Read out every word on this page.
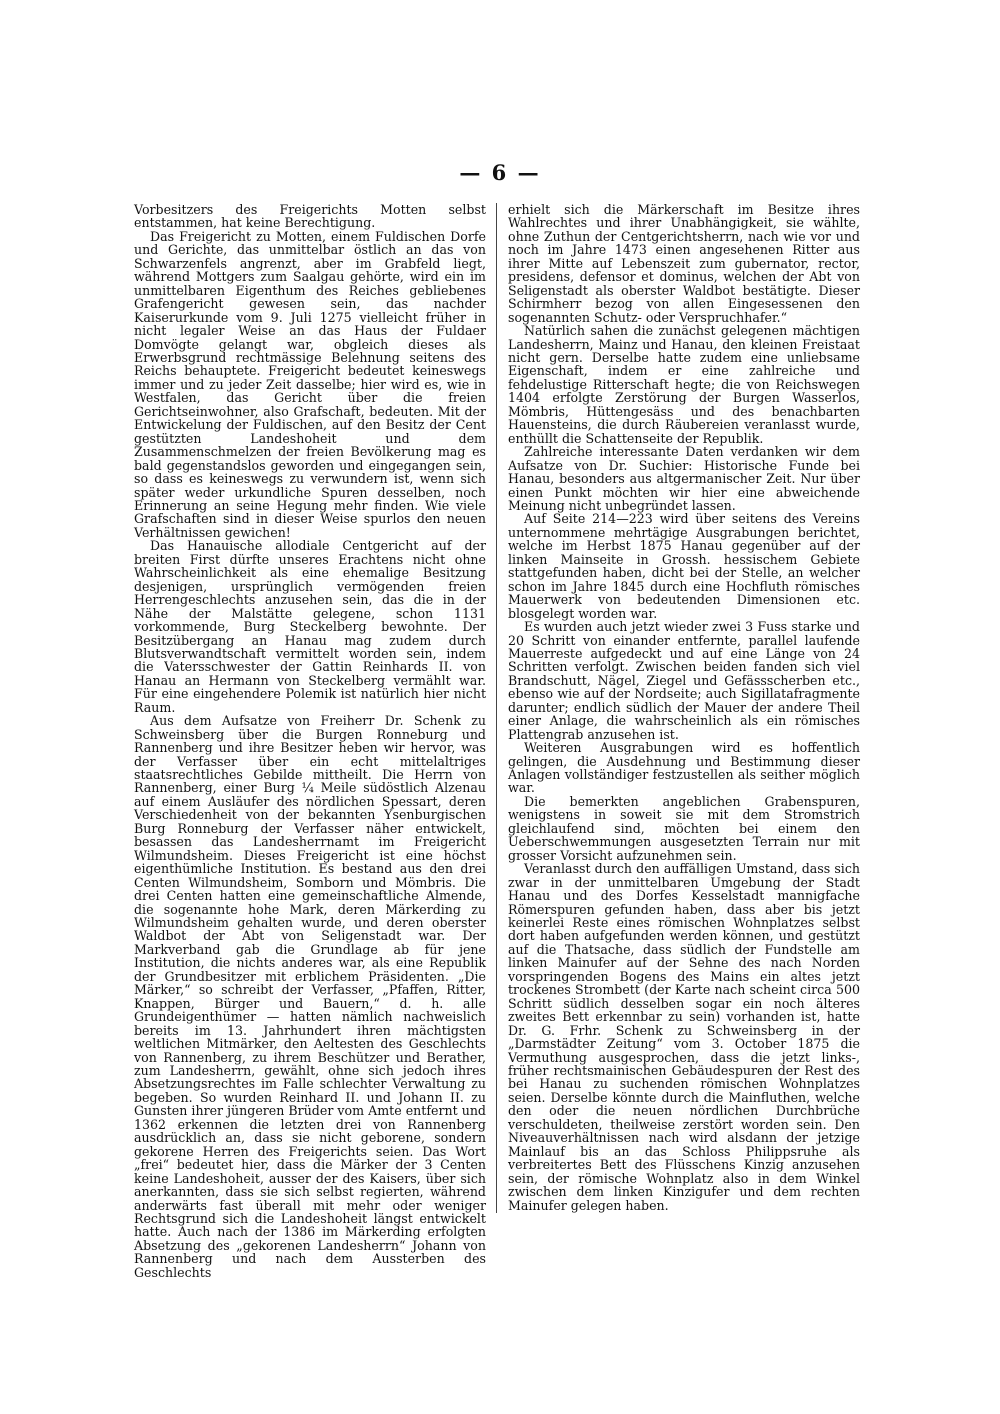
— 6 —

Vorbesitzers des Freigerichts Motten selbst entstammen, hat keine Berechtigung.

Das Freigericht zu Motten, einem Fuldischen Dorfe und Gerichte, das unmittelbar östlich an das von Schwarzenfels angrenzt, aber im Grabfeld liegt, während Mottgers zum Saalgau gehörte, wird ein im unmittelbaren Eigenthum des Reiches gebliebenes Grafengericht gewesen sein, das nachder Kaiserurkunde vom 9. Juli 1275 vielleicht früher in nicht legaler Weise an das Haus der Fuldaer Domvögte gelangt war, obgleich dieses als Erwerbsgrund rechtmässige Belehnung seitens des Reichs behauptete. Freigericht bedeutet keineswegs immer und zu jeder Zeit dasselbe; hier wird es, wie in Westfalen, das Gericht über die freien Gerichtseinwohner, also Grafschaft, bedeuten. Mit der Entwickelung der Fuldischen, auf den Besitz der Cent gestützten Landeshoheit und dem Zusammenschmelzen der freien Bevölkerung mag es bald gegenstandslos geworden und eingegangen sein, so dass es keineswegs zu verwundern ist, wenn sich später weder urkundliche Spuren desselben, noch Erinnerung an seine Hegung mehr finden. Wie viele Grafschaften sind in dieser Weise spurlos den neuen Verhältnissen gewichen!

Das Hanauische allodiale Centgericht auf der breiten First dürfte unseres Erachtens nicht ohne Wahrscheinlichkeit als eine ehemalige Besitzung desjenigen, ursprünglich vermögenden freien Herrengeschlechts anzusehen sein, das die in der Nähe der Malstätte gelegene, schon 1131 vorkommende, Burg Steckelberg bewohnte. Der Besitzübergang an Hanau mag zudem durch Blutsverwandtschaft vermittelt worden sein, indem die Vatersschwester der Gattin Reinhards II. von Hanau an Hermann von Steckelberg vermählt war. Für eine eingehendere Polemik ist natürlich hier nicht Raum.

Aus dem Aufsatze von Freiherr Dr. Schenk zu Schweinsberg über die Burgen Ronneburg und Rannenberg und ihre Besitzer heben wir hervor, was der Verfasser über ein echt mittelaltriges staatsrechtliches Gebilde mittheilt. Die Herrn von Rannenberg, einer Burg ¼ Meile südöstlich Alzenau auf einem Ausläufer des nördlichen Spessart, deren Verschiedenheit von der bekannten Ysenburgischen Burg Ronneburg der Verfasser näher entwickelt, besassen das Landesherrnamt im Freigericht Wilmundsheim. Dieses Freigericht ist eine höchst eigenthümliche Institution. Es bestand aus den drei Centen Wilmundsheim, Somborn und Mömbris. Die drei Centen hatten eine gemeinschaftliche Almende, die sogenannte hohe Mark, deren Märkerding zu Wilmundsheim gehalten wurde, und deren oberster Waldbot der Abt von Seligenstadt war. Der Markverband gab die Grundlage ab für jene Institution, die nichts anderes war, als eine Republik der Grundbesitzer mit erblichem Präsidenten. „Die Märker,“ so schreibt der Verfasser, „Pfaffen, Ritter, Knappen, Bürger und Bauern,“ d. h. alle Grundeigenthümer — hatten nämlich nachweislich bereits im 13. Jahrhundert ihren mächtigsten weltlichen Mitmärker, den Aeltesten des Geschlechts von Rannenberg, zu ihrem Beschützer und Berather, zum Landesherrn, gewählt, ohne sich jedoch ihres Absetzungsrechtes im Falle schlechter Verwaltung zu begeben. So wurden Reinhard II. und Johann II. zu Gunsten ihrer jüngeren Brüder vom Amte entfernt und 1362 erkennen die letzten drei von Rannenberg ausdrücklich an, dass sie nicht geborene, sondern gekorene Herren des Freigerichts seien. Das Wort „frei“ bedeutet hier, dass die Märker der 3 Centen keine Landeshoheit, ausser der des Kaisers, über sich anerkannten, dass sie sich selbst regierten, während anderwärts fast überall mit mehr oder weniger Rechtsgrund sich die Landeshoheit längst entwickelt hatte. Auch nach der 1386 im Märkerding erfolgten Absetzung des „gekorenen Landesherrn“ Johann von Rannenberg und nach dem Aussterben des Geschlechts

erhielt sich die Märkerschaft im Besitze ihres Wahlrechtes und ihrer Unabhängigkeit, sie wählte, ohne Zuthun der Centgerichtsherrn, nach wie vor und noch im Jahre 1473 einen angesehenen Ritter aus ihrer Mitte auf Lebenszeit zum gubernator, rector, presidens, defensor et dominus, welchen der Abt von Seligenstadt als oberster Waldbot bestätigte. Dieser Schirmherr bezog von allen Eingesessenen den sogenannten Schutz- oder Verspruchhafer.“

Natürlich sahen die zunächst gelegenen mächtigen Landesherrn, Mainz und Hanau, den kleinen Freistaat nicht gern. Derselbe hatte zudem eine unliebsame Eigenschaft, indem er eine zahlreiche und fehdelustige Ritterschaft hegte; die von Reichswegen 1404 erfolgte Zerstörung der Burgen Wasserlos, Mömbris, Hüttengesäss und des benachbarten Hauensteins, die durch Räubereien veranlasst wurde, enthüllt die Schattenseite der Republik.

Zahlreiche interessante Daten verdanken wir dem Aufsatze von Dr. Suchier: Historische Funde bei Hanau, besonders aus altgermanischer Zeit. Nur über einen Punkt möchten wir hier eine abweichende Meinung nicht unbegründet lassen.

Auf Seite 214—223 wird über seitens des Vereins unternommene mehrtägige Ausgrabungen berichtet, welche im Herbst 1875 Hanau gegenüber auf der linken Mainseite in Grossh. hessischem Gebiete stattgefunden haben, dicht bei der Stelle, an welcher schon im Jahre 1845 durch eine Hochfluth römisches Mauerwerk von bedeutenden Dimensionen etc. blosgelegt worden war.

Es wurden auch jetzt wieder zwei 3 Fuss starke und 20 Schritt von einander entfernte, parallel laufende Mauerreste aufgedeckt und auf eine Länge von 24 Schritten verfolgt. Zwischen beiden fanden sich viel Brandschutt, Nägel, Ziegel und Gefässscherben etc., ebenso wie auf der Nordseite; auch Sigillatafragmente darunter; endlich südlich der Mauer der andere Theil einer Anlage, die wahrscheinlich als ein römisches Plattengrab anzusehen ist.

Weiteren Ausgrabungen wird es hoffentlich gelingen, die Ausdehnung und Bestimmung dieser Anlagen vollständiger festzustellen als seither möglich war.

Die bemerkten angeblichen Grabenspuren, wenigstens in soweit sie mit dem Stromstrich gleichlaufend sind, möchten bei einem den Ueberschwemmungen ausgesetzten Terrain nur mit grosser Vorsicht aufzunehmen sein.

Veranlasst durch den auffälligen Umstand, dass sich zwar in der unmittelbaren Umgebung der Stadt Hanau und des Dorfes Kesselstadt mannigfache Römerspuren gefunden haben, dass aber bis jetzt keinerlei Reste eines römischen Wohnplatzes selbst dort haben aufgefunden werden können, und gestützt auf die Thatsache, dass südlich der Fundstelle am linken Mainufer auf der Sehne des nach Norden vorspringenden Bogens des Mains ein altes jetzt trockenes Strombett (der Karte nach scheint circa 500 Schritt südlich desselben sogar ein noch älteres zweites Bett erkennbar zu sein) vorhanden ist, hatte Dr. G. Frhr. Schenk zu Schweinsberg in der „Darmstädter Zeitung“ vom 3. October 1875 die Vermuthung ausgesprochen, dass die jetzt links-, früher rechtsmainischen Gebäudespuren der Rest des bei Hanau zu suchenden römischen Wohnplatzes seien. Derselbe könnte durch die Mainfluthen, welche den oder die neuen nördlichen Durchbrüche verschuldeten, theilweise zerstört worden sein. Den Niveauverhältnissen nach wird alsdann der jetzige Mainlauf bis an das Schloss Philippsruhe als verbreitertes Bett des Flüsschens Kinzig anzusehen sein, der römische Wohnplatz also in dem Winkel zwischen dem linken Kinzigufer und dem rechten Mainufer gelegen haben.
